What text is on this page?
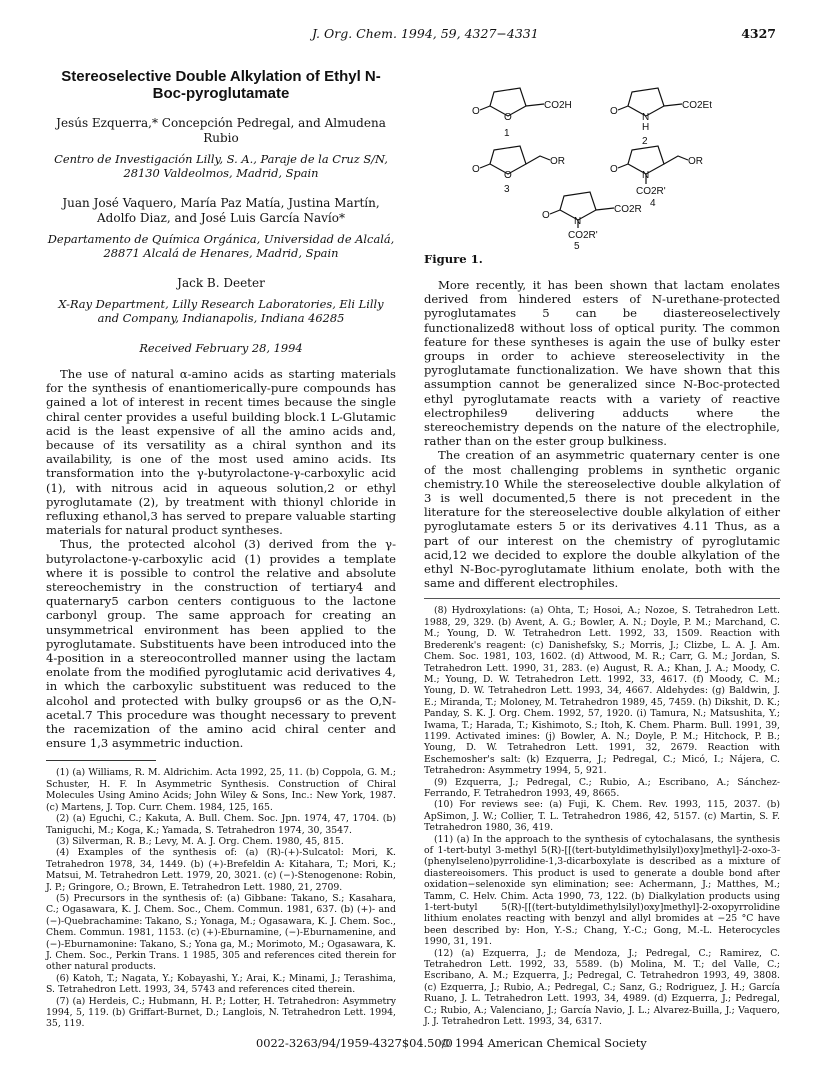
J. Org. Chem. 1994, 59, 4327−4331	4327
Stereoselective Double Alkylation of Ethyl N-Boc-pyroglutamate
Jesús Ezquerra,* Concepción Pedregal, and Almudena Rubio
Centro de Investigación Lilly, S. A., Paraje de la Cruz S/N, 28130 Valdeolmos, Madrid, Spain
Juan José Vaquero, María Paz Matía, Justina Martín, Adolfo Diaz, and José Luis García Navío*
Departamento de Química Orgánica, Universidad de Alcalá, 28871 Alcalá de Henares, Madrid, Spain
Jack B. Deeter
X-Ray Department, Lilly Research Laboratories, Eli Lilly and Company, Indianapolis, Indiana 46285
Received February 28, 1994

The use of natural α-amino acids as starting materials for the synthesis of enantiomerically-pure compounds has gained a lot of interest in recent times because the single chiral center provides a useful building block.1 L-Glutamic acid is the least expensive of all the amino acids and, because of its versatility as a chiral synthon and its availability, is one of the most used amino acids. Its transformation into the γ-butyrolactone-γ-carboxylic acid (1), with nitrous acid in aqueous solution,2 or ethyl pyroglutamate (2), by treatment with thionyl chloride in refluxing ethanol,3 has served to prepare valuable starting materials for natural product syntheses.

Thus, the protected alcohol (3) derived from the γ-butyrolactone-γ-carboxylic acid (1) provides a template where it is possible to control the relative and absolute stereochemistry in the construction of tertiary4 and quaternary5 carbon centers contiguous to the lactone carbonyl group. The same approach for creating an unsymmetrical environment has been applied to the pyroglutamate. Substituents have been introduced into the 4-position in a stereocontrolled manner using the lactam enolate from the modified pyroglutamic acid derivatives 4, in which the carboxylic substituent was reduced to the alcohol and protected with bulky groups6 or as the O,N-acetal.7 This procedure was thought necessary to prevent the racemization of the amino acid chiral center and ensure 1,3 asymmetric induction.

(1) (a) Williams, R. M. Aldrichim. Acta 1992, 25, 11. (b) Coppola, G. M.; Schuster, H. F. In Asymmetric Synthesis. Construction of Chiral Molecules Using Amino Acids; John Wiley & Sons, Inc.: New York, 1987. (c) Martens, J. Top. Curr. Chem. 1984, 125, 165.

(2) (a) Eguchi, C.; Kakuta, A. Bull. Chem. Soc. Jpn. 1974, 47, 1704. (b) Taniguchi, M.; Koga, K.; Yamada, S. Tetrahedron 1974, 30, 3547.

(3) Silverman, R. B.; Levy, M. A. J. Org. Chem. 1980, 45, 815.

(4) Examples of the synthesis of: (a) (R)-(+)-Sulcatol: Mori, K. Tetrahedron 1978, 34, 1449. (b) (+)-Brefeldin A: Kitahara, T.; Mori, K.; Matsui, M. Tetrahedron Lett. 1979, 20, 3021. (c) (−)-Stenogenone: Robin, J. P.; Gringore, O.; Brown, E. Tetrahedron Lett. 1980, 21, 2709.

(5) Precursors in the synthesis of: (a) Gibbane: Takano, S.; Kasahara, C.; Ogasawara, K. J. Chem. Soc., Chem. Commun. 1981, 637. (b) (+)- and (−)-Quebrachamine: Takano, S.; Yonaga, M.; Ogasawara, K. J. Chem. Soc., Chem. Commun. 1981, 1153. (c) (+)-Eburnamine, (−)-Eburnamenine, and (−)-Eburnamonine: Takano, S.; Yona ga, M.; Morimoto, M.; Ogasawara, K. J. Chem. Soc., Perkin Trans. 1 1985, 305 and references cited therein for other natural products.

(6) Katoh, T.; Nagata, Y.; Kobayashi, Y.; Arai, K.; Minami, J.; Terashima, S. Tetrahedron Lett. 1993, 34, 5743 and references cited therein.

(7) (a) Herdeis, C.; Hubmann, H. P.; Lotter, H. Tetrahedron: Asymmetry 1994, 5, 119. (b) Griffart-Burnet, D.; Langlois, N. Tetrahedron Lett. 1994, 35, 119.

O
O
CO2H
1
O
N
H
CO2Et
2
O
O
OR
3
O
N
OR
CO2R'
4
O
N
CO2R
CO2R'
5
Figure 1.

More recently, it has been shown that lactam enolates derived from hindered esters of N-urethane-protected pyroglutamates 5 can be diastereoselectively functionalized8 without loss of optical purity. The common feature for these syntheses is again the use of bulky ester groups in order to achieve stereoselectivity in the pyroglutamate functionalization. We have shown that this assumption cannot be generalized since N-Boc-protected ethyl pyroglutamate reacts with a variety of reactive electrophiles9 delivering adducts where the stereochemistry depends on the nature of the electrophile, rather than on the ester group bulkiness.

The creation of an asymmetric quaternary center is one of the most challenging problems in synthetic organic chemistry.10 While the stereoselective double alkylation of 3 is well documented,5 there is not precedent in the literature for the stereoselective double alkylation of either pyroglutamate esters 5 or its derivatives 4.11 Thus, as a part of our interest on the chemistry of pyroglutamic acid,12 we decided to explore the double alkylation of the ethyl N-Boc-pyroglutamate lithium enolate, both with the same and different electrophiles.

(8) Hydroxylations: (a) Ohta, T.; Hosoi, A.; Nozoe, S. Tetrahedron Lett. 1988, 29, 329. (b) Avent, A. G.; Bowler, A. N.; Doyle, P. M.; Marchand, C. M.; Young, D. W. Tetrahedron Lett. 1992, 33, 1509. Reaction with Brederenk's reagent: (c) Danishefsky, S.; Morris, J.; Clizbe, L. A. J. Am. Chem. Soc. 1981, 103, 1602. (d) Attwood, M. R.; Carr, G. M.; Jordan, S. Tetrahedron Lett. 1990, 31, 283. (e) August, R. A.; Khan, J. A.; Moody, C. M.; Young, D. W. Tetrahedron Lett. 1992, 33, 4617. (f) Moody, C. M.; Young, D. W. Tetrahedron Lett. 1993, 34, 4667. Aldehydes: (g) Baldwin, J. E.; Miranda, T.; Moloney, M. Tetrahedron 1989, 45, 7459. (h) Dikshit, D. K.; Panday, S. K. J. Org. Chem. 1992, 57, 1920. (i) Tamura, N.; Matsushita, Y.; Iwama, T.; Harada, T.; Kishimoto, S.; Itoh, K. Chem. Pharm. Bull. 1991, 39, 1199. Activated imines: (j) Bowler, A. N.; Doyle, P. M.; Hitchock, P. B.; Young, D. W. Tetrahedron Lett. 1991, 32, 2679. Reaction with Eschemosher's salt: (k) Ezquerra, J.; Pedregal, C.; Micó, I.; Nájera, C. Tetrahedron: Asymmetry 1994, 5, 921.

(9) Ezquerra, J.; Pedregal, C.; Rubio, A.; Escribano, A.; Sánchez-Ferrando, F. Tetrahedron 1993, 49, 8665.

(10) For reviews see: (a) Fuji, K. Chem. Rev. 1993, 115, 2037. (b) ApSimon, J. W.; Collier, T. L. Tetrahedron 1986, 42, 5157. (c) Martin, S. F. Tetrahedron 1980, 36, 419.

(11) (a) In the approach to the synthesis of cytochalasans, the synthesis of 1-tert-butyl 3-methyl 5(R)-[[(tert-butyldimethylsilyl)oxy]methyl]-2-oxo-3-(phenylseleno)pyrrolidine-1,3-dicarboxylate is described as a mixture of diastereoisomers. This product is used to generate a double bond after oxidation−selenoxide syn elimination; see: Achermann, J.; Matthes, M.; Tamm, C. Helv. Chim. Acta 1990, 73, 122. (b) Dialkylation products using 1-tert-butyl 5(R)-[[(tert-butyldimethylsilyl)oxy]methyl]-2-oxopyrrolidine lithium enolates reacting with benzyl and allyl bromides at −25 °C have been described by: Hon, Y.-S.; Chang, Y.-C.; Gong, M.-L. Heterocycles 1990, 31, 191.

(12) (a) Ezquerra, J.; de Mendoza, J.; Pedregal, C.; Ramirez, C. Tetrahedron Lett. 1992, 33, 5589. (b) Molina, M. T.; del Valle, C.; Escribano, A. M.; Ezquerra, J.; Pedregal, C. Tetrahedron 1993, 49, 3808. (c) Ezquerra, J.; Rubio, A.; Pedregal, C.; Sanz, G.; Rodriguez, J. H.; García Ruano, J. L. Tetrahedron Lett. 1993, 34, 4989. (d) Ezquerra, J.; Pedregal, C.; Rubio, A.; Valenciano, J.; García Navio, J. L.; Alvarez-Builla, J.; Vaquero, J. J. Tetrahedron Lett. 1993, 34, 6317.

0022-3263/94/1959-4327$04.50/0
© 1994 American Chemical Society
